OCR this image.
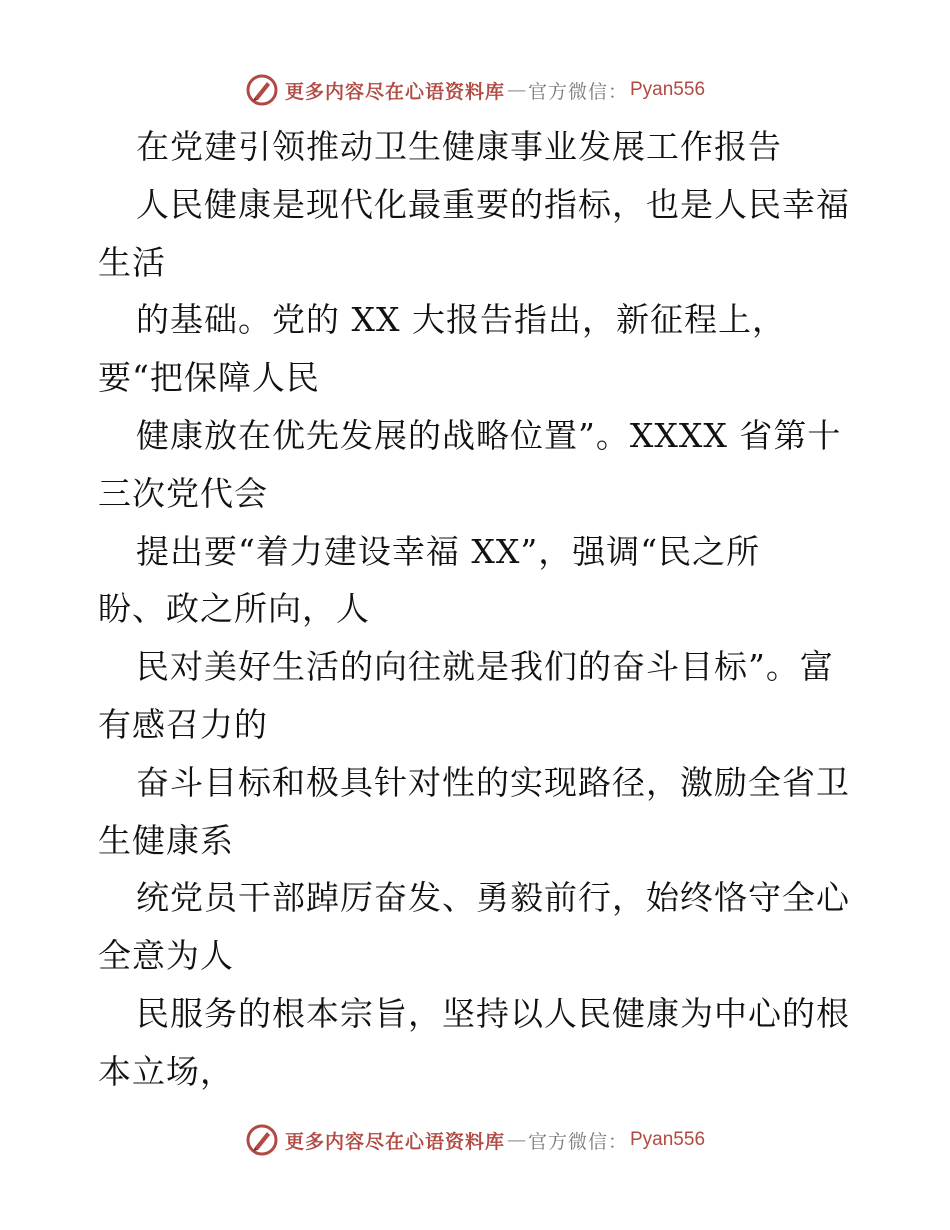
更多内容尽在心语资料库 — 官方微信： Pyan556
在党建引领推动卫生健康事业发展工作报告
人民健康是现代化最重要的指标，也是人民幸福
生活
的基础。党的 XX 大报告指出，新征程上，
要“把保障人民
健康放在优先发展的战略位置”。XXXX 省第十
三次党代会
提出要“着力建设幸福 XX”，强调“民之所
盼、政之所向，人
民对美好生活的向往就是我们的奋斗目标”。富
有感召力的
奋斗目标和极具针对性的实现路径，激励全省卫
生健康系
统党员干部踔厉奋发、勇毅前行，始终恪守全心
全意为人
民服务的根本宗旨，坚持以人民健康为中心的根
本立场，
更多内容尽在心语资料库 — 官方微信： Pyan556
